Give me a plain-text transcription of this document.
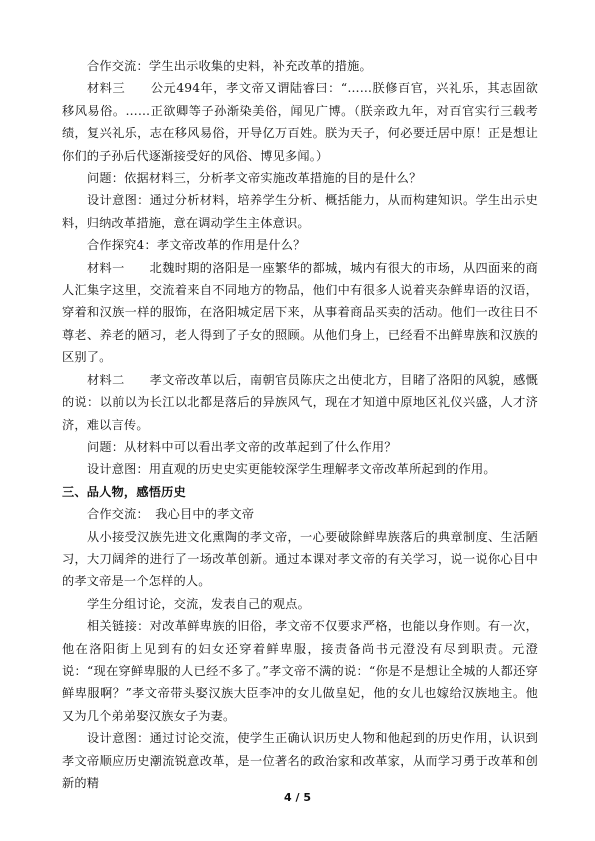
合作交流：学生出示收集的史料，补充改革的措施。

材料三　　公元494年，孝文帝又谓陆睿曰：“……朕修百官，兴礼乐，其志固欲移风易俗。……正欲卿等子孙渐染美俗，闻见广博。（朕亲政九年，对百官实行三载考绩，复兴礼乐，志在移风易俗，开导亿万百姓。朕为天子，何必要迁居中原！正是想让你们的子孙后代逐渐接受好的风俗、博见多闻。）

问题：依据材料三，分析孝文帝实施改革措施的目的是什么？

设计意图：通过分析材料，培养学生分析、概括能力，从而构建知识。学生出示史料，归纳改革措施，意在调动学生主体意识。

合作探究4：孝文帝改革的作用是什么？

材料一　　北魏时期的洛阳是一座繁华的都城，城内有很大的市场，从四面来的商人汇集字这里，交流着来自不同地方的物品，他们中有很多人说着夹杂鲜卑语的汉语，穿着和汉族一样的服饰，在洛阳城定居下来，从事着商品买卖的活动。他们一改往日不尊老、养老的陋习，老人得到了子女的照顾。从他们身上，已经看不出鲜卑族和汉族的区别了。

材料二　　孝文帝改革以后，南朝官员陈庆之出使北方，目睹了洛阳的风貌，感慨的说：以前以为长江以北都是落后的异族风气，现在才知道中原地区礼仪兴盛，人才济济，难以言传。

问题：从材料中可以看出孝文帝的改革起到了什么作用？

设计意图：用直观的历史史实更能较深学生理解孝文帝改革所起到的作用。

三、品人物，感悟历史

合作交流：　我心目中的孝文帝

从小接受汉族先进文化熏陶的孝文帝，一心要破除鲜卑族落后的典章制度、生活陋习，大刀阔斧的进行了一场改革创新。通过本课对孝文帝的有关学习，说一说你心目中的孝文帝是一个怎样的人。

学生分组讨论，交流，发表自己的观点。

相关链接：对改革鲜卑族的旧俗，孝文帝不仅要求严格，也能以身作则。有一次，他在洛阳街上见到有的妇女还穿着鲜卑服，接责备尚书元澄没有尽到职责。元澄说：“现在穿鲜卑服的人已经不多了。”孝文帝不满的说：“你是不是想让全城的人都还穿鲜卑服啊？”孝文帝带头娶汉族大臣李冲的女儿做皇妃，他的女儿也嫁给汉族地主。他又为几个弟弟娶汉族女子为妻。

设计意图：通过讨论交流，使学生正确认识历史人物和他起到的历史作用，认识到孝文帝顺应历史潮流锐意改革，是一位著名的政治家和改革家，从而学习勇于改革和创新的精

4 / 5
